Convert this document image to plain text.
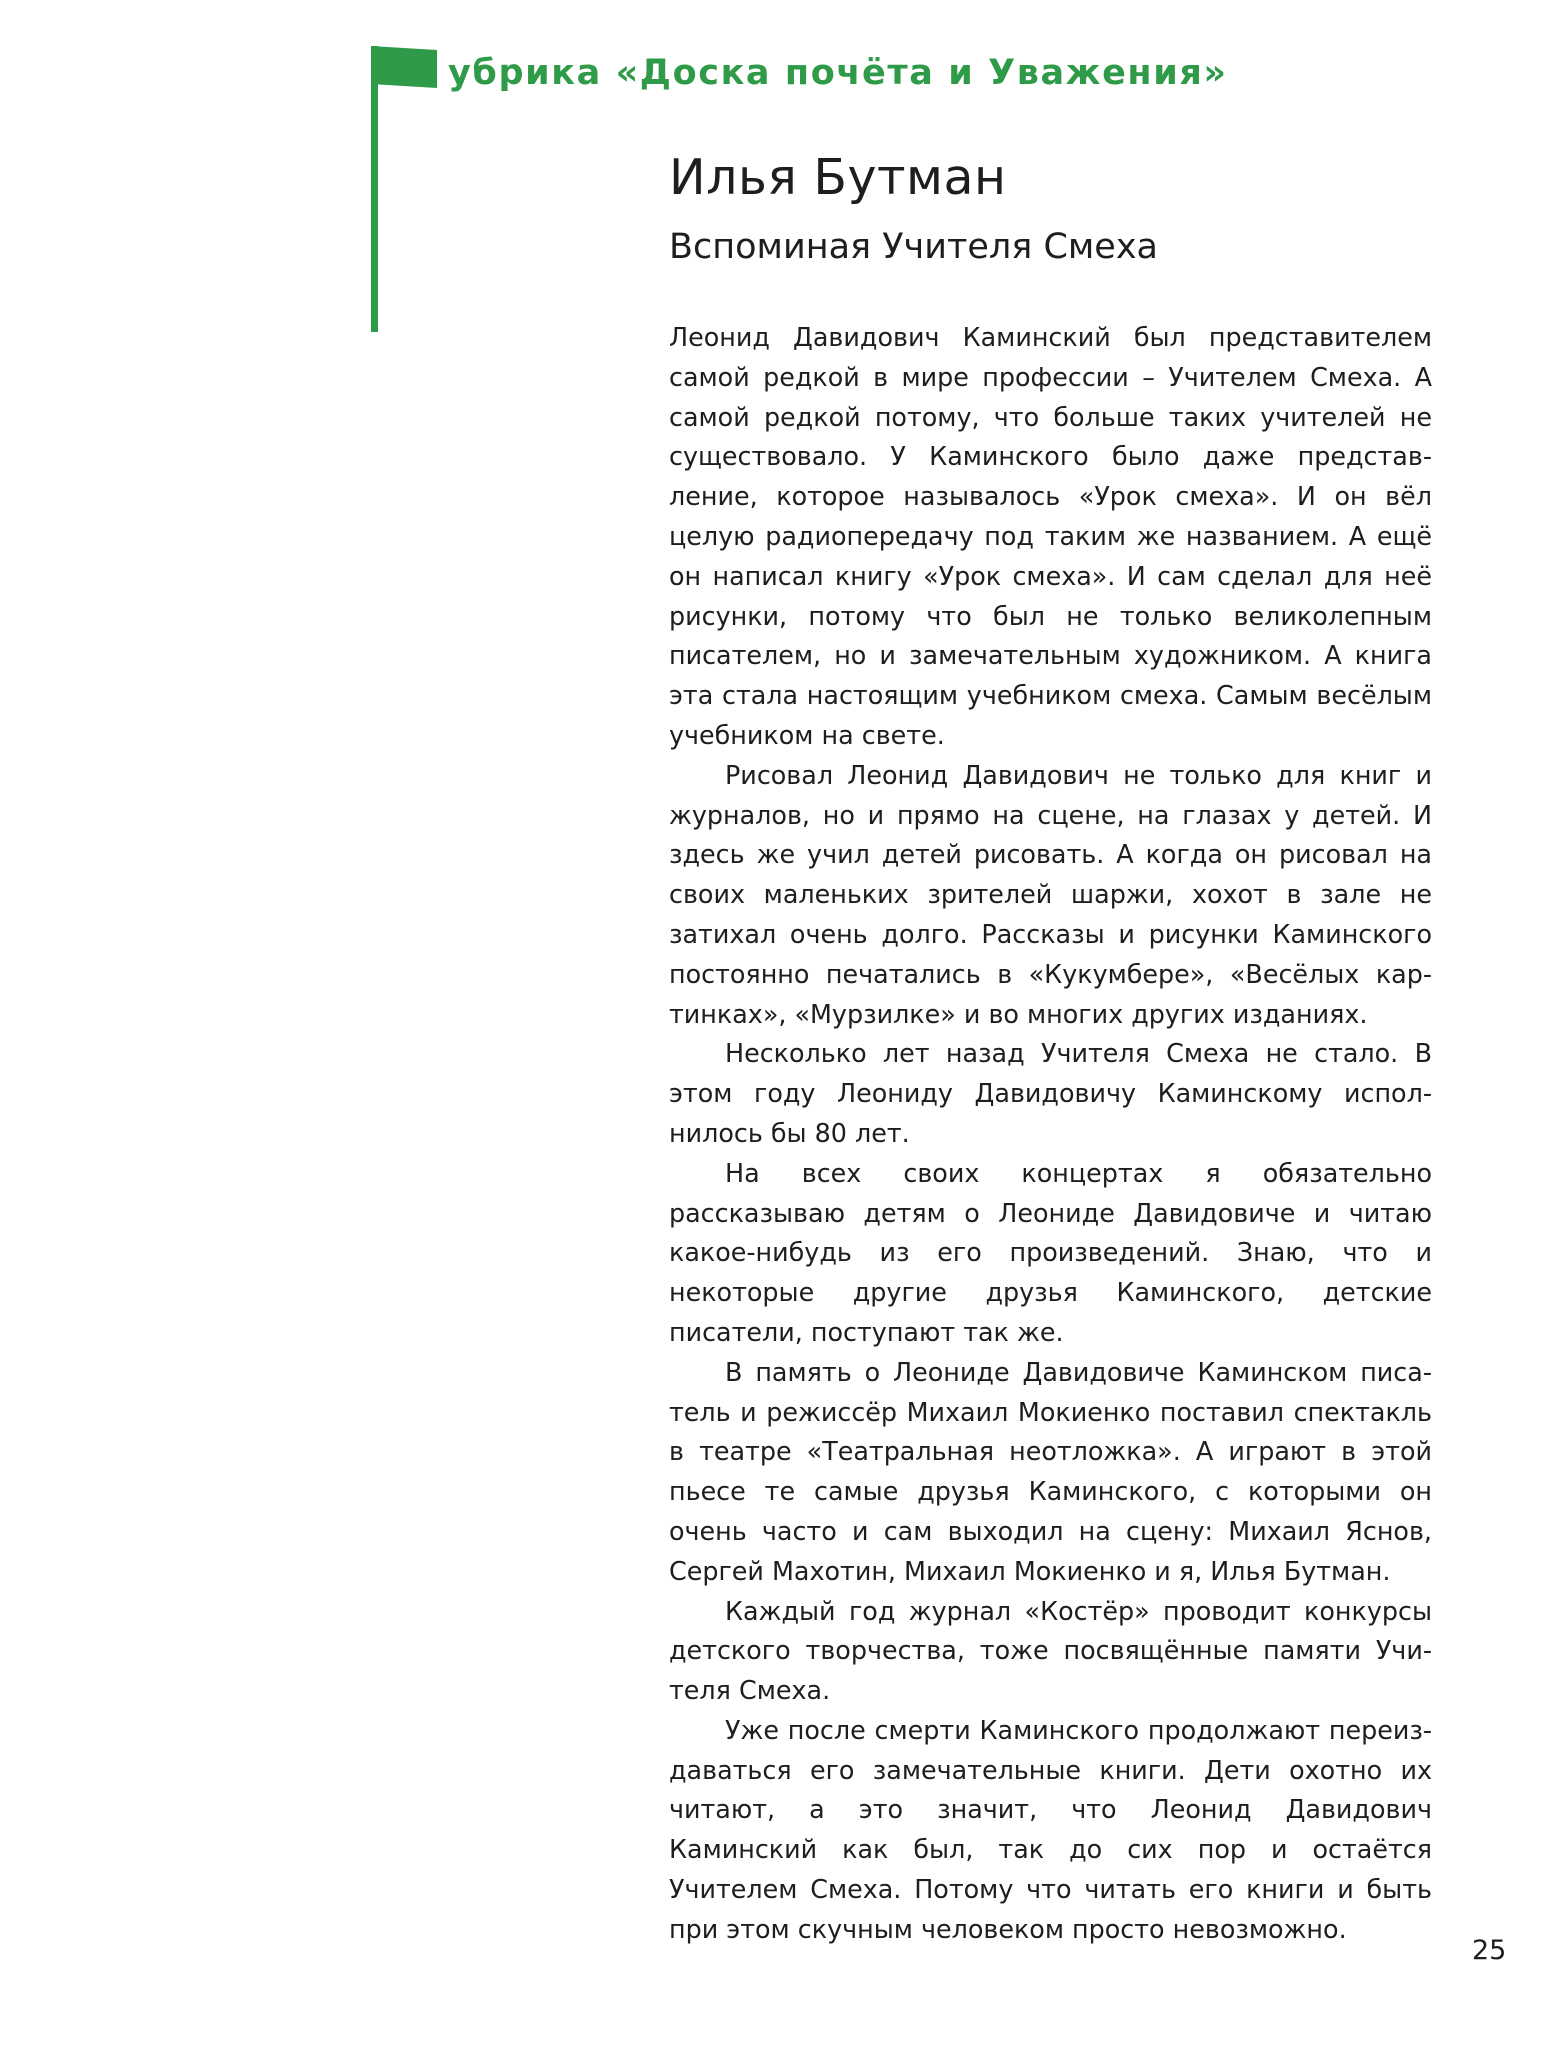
убрика «Доска почёта и Уважения»
Илья Бутман
Вспоминая Учителя Смеха

Леонид Давидович Каминский был представителем самой редкой в мире профессии – Учителем Смеха. А самой редкой потому, что больше таких учителей не существовало. У Каминского было даже представление, которое называлось «Урок смеха». И он вёл целую радиопередачу под таким же названием. А ещё он написал книгу «Урок смеха». И сам сделал для неё рисунки, потому что был не только великолепным писателем, но и замечательным художником. А книга эта стала настоящим учебником смеха. Самым весёлым учебником на свете.

Рисовал Леонид Давидович не только для книг и журналов, но и прямо на сцене, на глазах у детей. И здесь же учил детей рисовать. А когда он рисовал на своих маленьких зрителей шаржи, хохот в зале не затихал очень долго. Рассказы и рисунки Каминского постоянно печатались в «Кукумбере», «Весёлых картинках», «Мурзилке» и во многих других изданиях.

Несколько лет назад Учителя Смеха не стало. В этом году Леониду Давидовичу Каминскому исполнилось бы 80 лет.

На всех своих концертах я обязательно рассказываю детям о Леониде Давидовиче и читаю какое-нибудь из его произведений. Знаю, что и некоторые другие друзья Каминского, детские писатели, поступают так же.

В память о Леониде Давидовиче Каминском писатель и режиссёр Михаил Мокиенко поставил спектакль в театре «Театральная неотложка». А играют в этой пьесе те самые друзья Каминского, с которыми он очень часто и сам выходил на сцену: Михаил Яснов, Сергей Махотин, Михаил Мокиенко и я, Илья Бутман.

Каждый год журнал «Костёр» проводит конкурсы детского творчества, тоже посвящённые памяти Учителя Смеха.

Уже после смерти Каминского продолжают переиздаваться его замечательные книги. Дети охотно их читают, а это значит, что Леонид Давидович Каминский как был, так до сих пор и остаётся Учителем Смеха. Потому что читать его книги и быть при этом скучным человеком просто невозможно.

25
